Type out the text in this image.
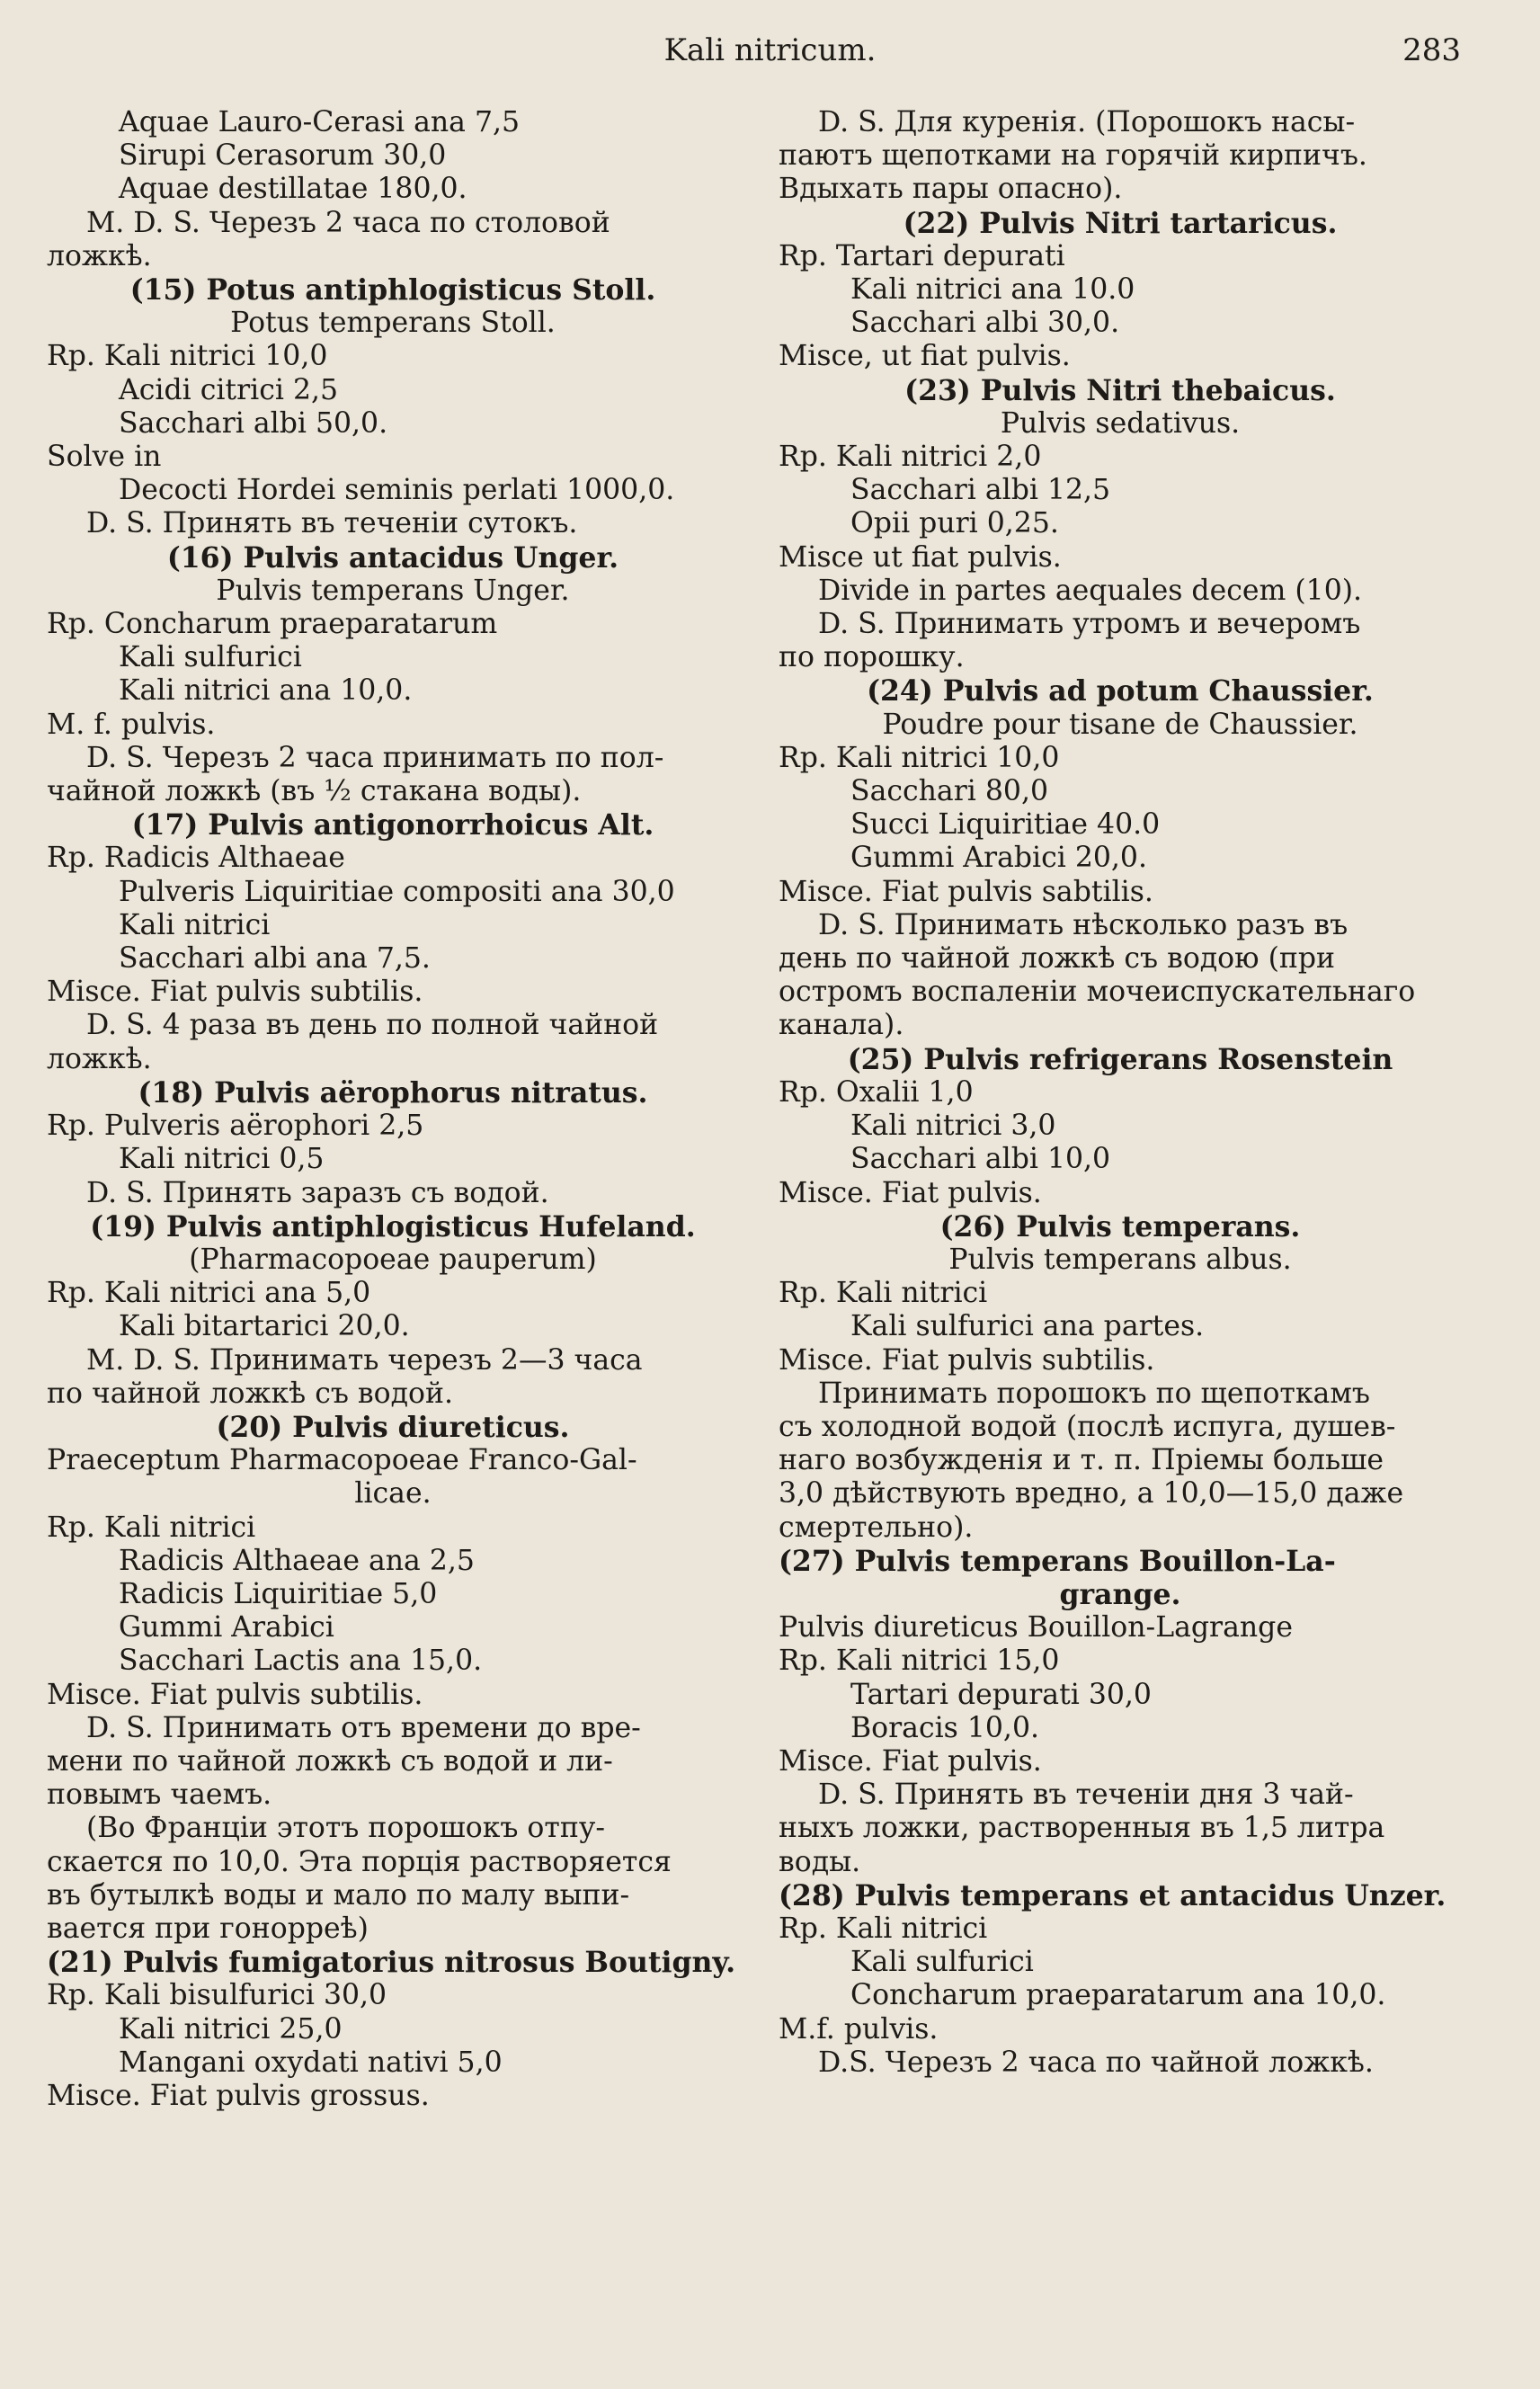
Kali nitricum.	283
Aquae Lauro-Cerasi ana 7,5
Sirupi Cerasorum 30,0
Aquae destillatae 180,0.
M. D. S. Черезъ 2 часа по столовой
ложкѣ.
(15) Potus antiphlogisticus Stoll.
Potus temperans Stoll.
Rp. Kali nitrici 10,0
Acidi citrici 2,5
Sacchari albi 50,0.
Solve in
Decocti Hordei seminis perlati 1000,0.
D. S. Принять въ теченіи сутокъ.
(16) Pulvis antacidus Unger.
Pulvis temperans Unger.
Rp. Concharum praeparatarum
Kali sulfurici
Kali nitrici ana 10,0.
M. f. pulvis.
D. S. Черезъ 2 часа принимать по пол-
чайной ложкѣ (въ ½ стакана воды).
(17) Pulvis antigonorrhoicus Alt.
Rp. Radicis Althaeae
Pulveris Liquiritiae compositi ana 30,0
Kali nitrici
Sacchari albi ana 7,5.
Misce. Fiat pulvis subtilis.
D. S. 4 раза въ день по полной чайной
ложкѣ.
(18) Pulvis aërophorus nitratus.
Rp. Pulveris aërophori 2,5
Kali nitrici 0,5
D. S. Принять заразъ съ водой.
(19) Pulvis antiphlogisticus Hufeland.
(Pharmacopoeae pauperum)
Rp. Kali nitrici ana 5,0
Kali bitartarici 20,0.
M. D. S. Принимать черезъ 2—3 часа
по чайной ложкѣ съ водой.
(20) Pulvis diureticus.
Praeceptum Pharmacopoeae Franco-Gal-
licae.
Rp. Kali nitrici
Radicis Althaeae ana 2,5
Radicis Liquiritiae 5,0
Gummi Arabici
Sacchari Lactis ana 15,0.
Misce. Fiat pulvis subtilis.
D. S. Принимать отъ времени до вре-
мени по чайной ложкѣ съ водой и ли-
повымъ чаемъ.
(Во Франціи этотъ порошокъ отпу-
скается по 10,0. Эта порція растворяется
въ бутылкѣ воды и мало по малу выпи-
вается при гонорреѣ)
(21) Pulvis fumigatorius nitrosus Boutigny.
Rp. Kali bisulfurici 30,0
Kali nitrici 25,0
Mangani oxydati nativi 5,0
Misce. Fiat pulvis grossus.
D. S. Для куренія. (Порошокъ насы-
паютъ щепотками на горячій кирпичъ.
Вдыхать пары опасно).
(22) Pulvis Nitri tartaricus.
Rp. Tartari depurati
Kali nitrici ana 10.0
Sacchari albi 30,0.
Misce, ut fiat pulvis.
(23) Pulvis Nitri thebaicus.
Pulvis sedativus.
Rp. Kali nitrici 2,0
Sacchari albi 12,5
Opii puri 0,25.
Misce ut fiat pulvis.
Divide in partes aequales decem (10).
D. S. Принимать утромъ и вечеромъ
по порошку.
(24) Pulvis ad potum Chaussier.
Poudre pour tisane de Chaussier.
Rp. Kali nitrici 10,0
Sacchari 80,0
Succi Liquiritiae 40.0
Gummi Arabici 20,0.
Misce. Fiat pulvis sabtilis.
D. S. Принимать нѣсколько разъ въ
день по чайной ложкѣ съ водою (при
остромъ воспаленіи мочеиспускательнаго
канала).
(25) Pulvis refrigerans Rosenstein
Rp. Oxalii 1,0
Kali nitrici 3,0
Sacchari albi 10,0
Misce. Fiat pulvis.
(26) Pulvis temperans.
Pulvis temperans albus.
Rp. Kali nitrici
Kali sulfurici ana partes.
Misce. Fiat pulvis subtilis.
Принимать порошокъ по щепоткамъ
съ холодной водой (послѣ испуга, душев-
наго возбужденія и т. п. Пріемы больше
3,0 дѣйствують вредно, а 10,0—15,0 даже
смертельно).
(27) Pulvis temperans Bouillon-La-
grange.
Pulvis diureticus Bouillon-Lagrange
Rp. Kali nitrici 15,0
Tartari depurati 30,0
Boracis 10,0.
Misce. Fiat pulvis.
D. S. Принять въ теченіи дня 3 чай-
ныхъ ложки, растворенныя въ 1,5 литра
воды.
(28) Pulvis temperans et antacidus Unzer.
Rp. Kali nitrici
Kali sulfurici
Concharum praeparatarum ana 10,0.
M.f. pulvis.
D.S. Черезъ 2 часа по чайной ложкѣ.
